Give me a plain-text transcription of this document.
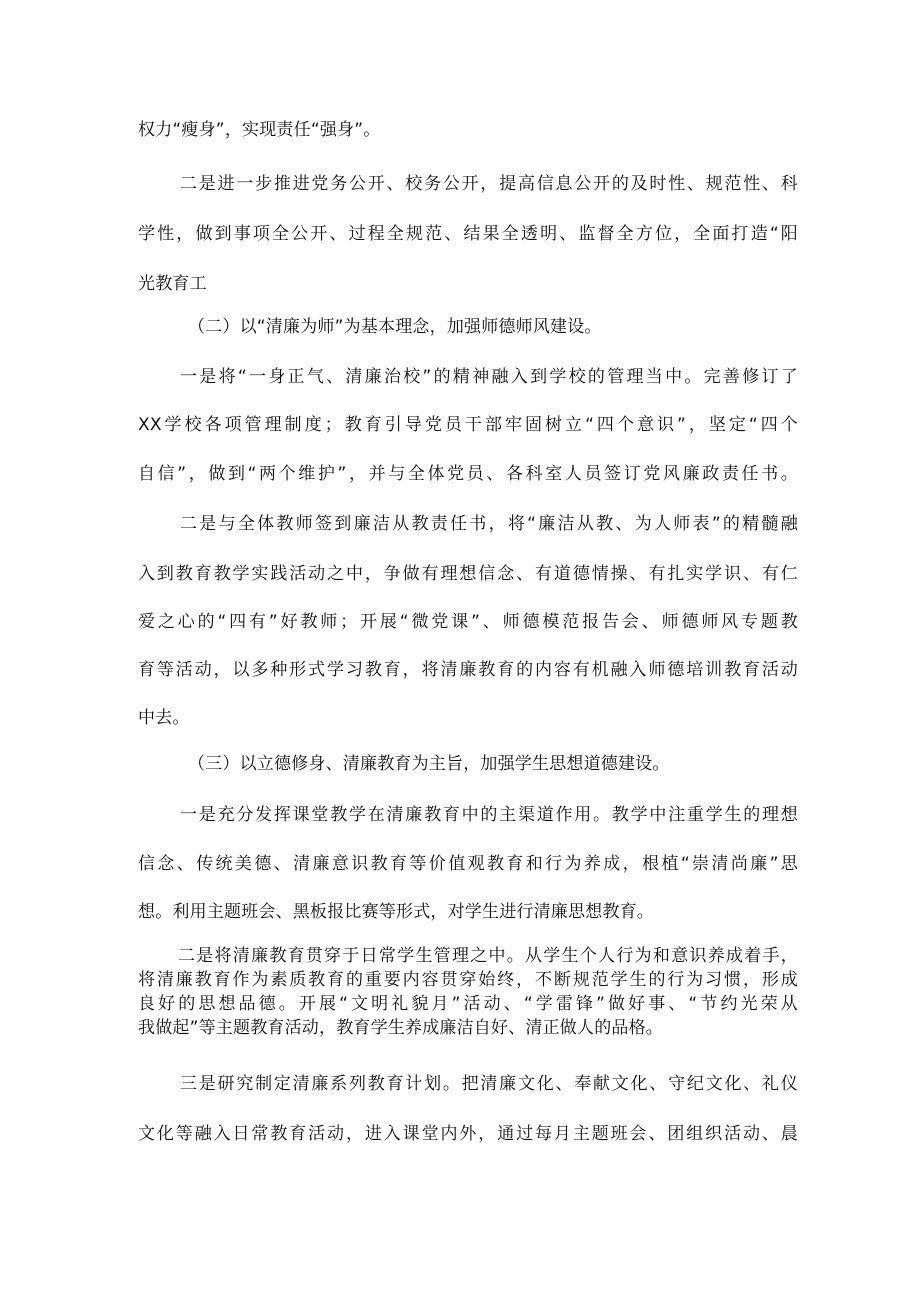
权力“瘦身”，实现责任“强身”。
二是进一步推进党务公开、校务公开，提高信息公开的及时性、规范性、科
学性，做到事项全公开、过程全规范、结果全透明、监督全方位，全面打造“阳
光教育工
（二）以“清廉为师”为基本理念，加强师德师风建设。
一是将“一身正气、清廉治校”的精神融入到学校的管理当中。完善修订了
XX学校各项管理制度；教育引导党员干部牢固树立“四个意识”，坚定“四个
自信”，做到“两个维护”，并与全体党员、各科室人员签订党风廉政责任书。
二是与全体教师签到廉洁从教责任书，将“廉洁从教、为人师表”的精髓融
入到教育教学实践活动之中，争做有理想信念、有道德情操、有扎实学识、有仁
爱之心的“四有”好教师；开展“微党课”、师德模范报告会、师德师风专题教
育等活动，以多种形式学习教育，将清廉教育的内容有机融入师德培训教育活动
中去。
（三）以立德修身、清廉教育为主旨，加强学生思想道德建设。
一是充分发挥课堂教学在清廉教育中的主渠道作用。教学中注重学生的理想
信念、传统美德、清廉意识教育等价值观教育和行为养成，根植“崇清尚廉”思
想。利用主题班会、黑板报比赛等形式，对学生进行清廉思想教育。
二是将清廉教育贯穿于日常学生管理之中。从学生个人行为和意识养成着手，
将清廉教育作为素质教育的重要内容贯穿始终，不断规范学生的行为习惯，形成
良好的思想品德。开展“文明礼貌月”活动、“学雷锋”做好事、“节约光荣从
我做起”等主题教育活动，教育学生养成廉洁自好、清正做人的品格。
三是研究制定清廉系列教育计划。把清廉文化、奉献文化、守纪文化、礼仪
文化等融入日常教育活动，进入课堂内外，通过每月主题班会、团组织活动、晨
